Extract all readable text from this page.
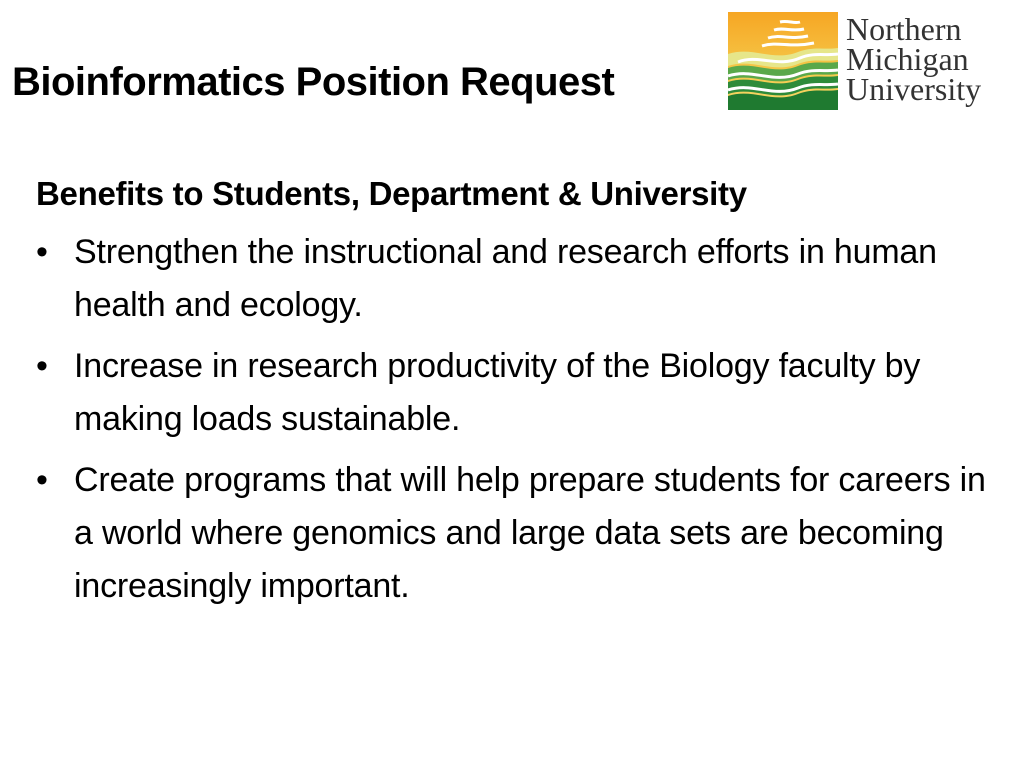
Bioinformatics Position Request
Northern
Michigan
University
Benefits to Students, Department & University
• Strengthen the instructional and research efforts in human health and ecology.
• Increase in research productivity of the Biology faculty by making loads sustainable.
• Create programs that will help prepare students for careers in a world where genomics and large data sets are becoming increasingly important.
